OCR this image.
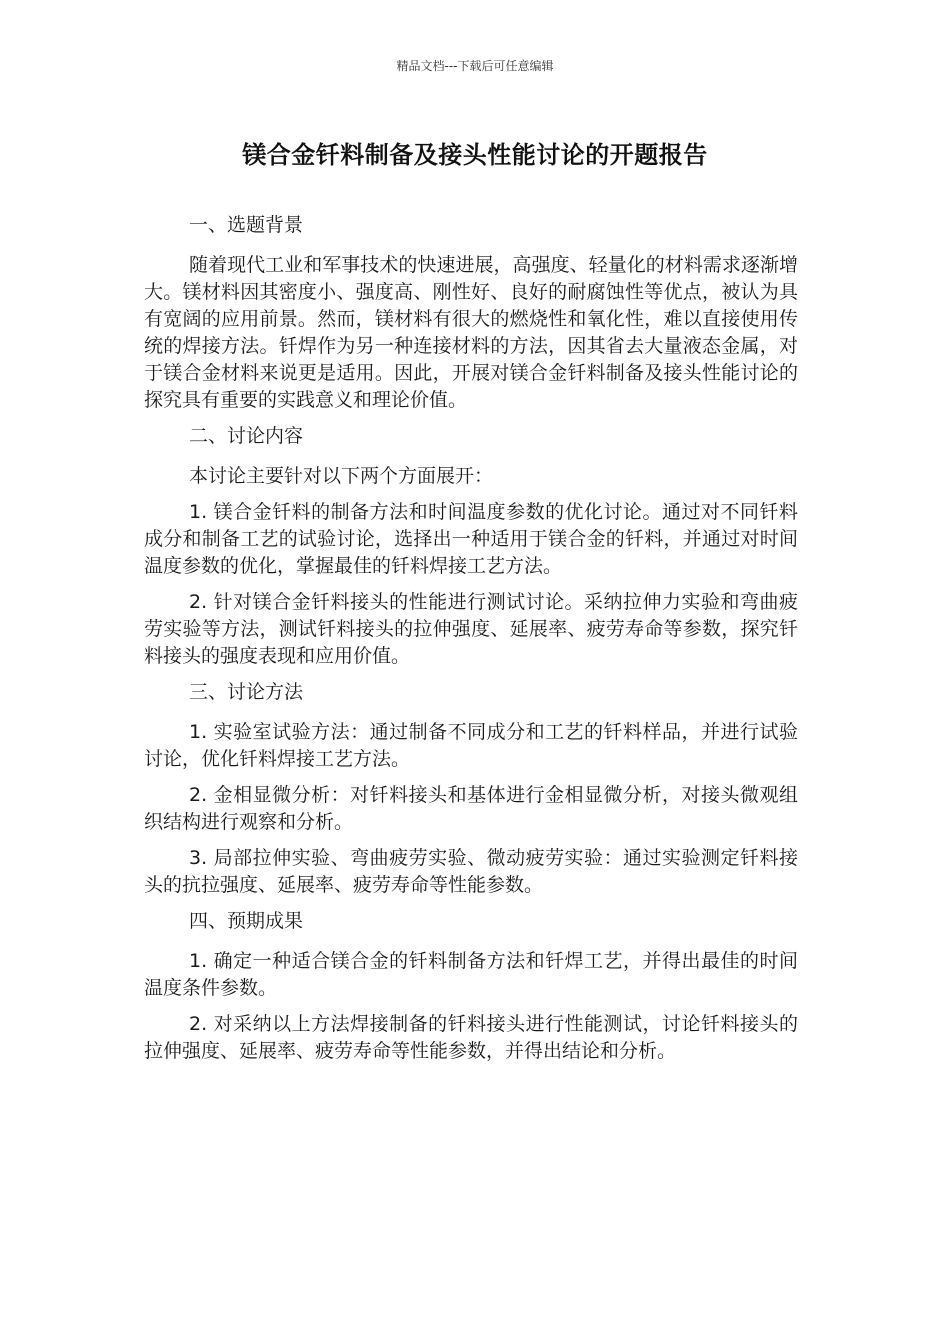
精品文档---下载后可任意编辑
镁合金钎料制备及接头性能讨论的开题报告

一、选题背景

随着现代工业和军事技术的快速进展，高强度、轻量化的材料需求逐渐增大。镁材料因其密度小、强度高、刚性好、良好的耐腐蚀性等优点，被认为具有宽阔的应用前景。然而，镁材料有很大的燃烧性和氧化性，难以直接使用传统的焊接方法。钎焊作为另一种连接材料的方法，因其省去大量液态金属，对于镁合金材料来说更是适用。因此，开展对镁合金钎料制备及接头性能讨论的探究具有重要的实践意义和理论价值。

二、讨论内容

本讨论主要针对以下两个方面展开：

1. 镁合金钎料的制备方法和时间温度参数的优化讨论。通过对不同钎料成分和制备工艺的试验讨论，选择出一种适用于镁合金的钎料，并通过对时间温度参数的优化，掌握最佳的钎料焊接工艺方法。

2. 针对镁合金钎料接头的性能进行测试讨论。采纳拉伸力实验和弯曲疲劳实验等方法，测试钎料接头的拉伸强度、延展率、疲劳寿命等参数，探究钎料接头的强度表现和应用价值。

三、讨论方法

1. 实验室试验方法：通过制备不同成分和工艺的钎料样品，并进行试验讨论，优化钎料焊接工艺方法。

2. 金相显微分析：对钎料接头和基体进行金相显微分析，对接头微观组织结构进行观察和分析。

3. 局部拉伸实验、弯曲疲劳实验、微动疲劳实验：通过实验测定钎料接头的抗拉强度、延展率、疲劳寿命等性能参数。

四、预期成果

1. 确定一种适合镁合金的钎料制备方法和钎焊工艺，并得出最佳的时间温度条件参数。

2. 对采纳以上方法焊接制备的钎料接头进行性能测试，讨论钎料接头的拉伸强度、延展率、疲劳寿命等性能参数，并得出结论和分析。
